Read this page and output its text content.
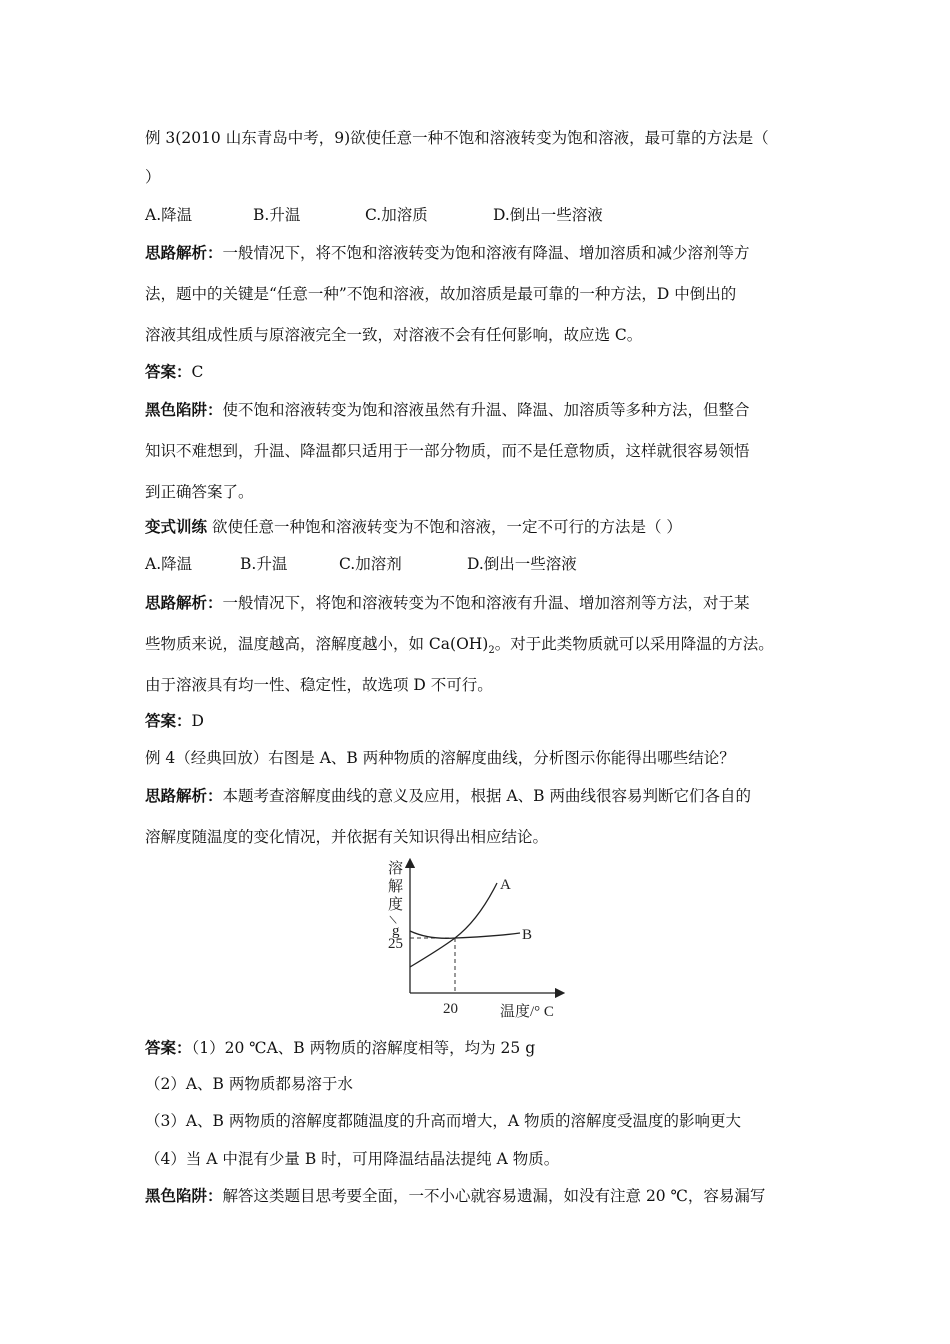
例 3(2010 山东青岛中考，9)欲使任意一种不饱和溶液转变为饱和溶液，最可靠的方法是（
）
A.降温	B.升温	C.加溶质	D.倒出一些溶液
思路解析：一般情况下，将不饱和溶液转变为饱和溶液有降温、增加溶质和减少溶剂等方
法，题中的关键是“任意一种”不饱和溶液，故加溶质是最可靠的一种方法，D 中倒出的
溶液其组成性质与原溶液完全一致，对溶液不会有任何影响，故应选 C。
答案：C
黑色陷阱：使不饱和溶液转变为饱和溶液虽然有升温、降温、加溶质等多种方法，但整合
知识不难想到，升温、降温都只适用于一部分物质，而不是任意物质，这样就很容易领悟
到正确答案了。
变式训练 欲使任意一种饱和溶液转变为不饱和溶液，一定不可行的方法是（ ）
A.降温	B.升温	C.加溶剂	D.倒出一些溶液
思路解析：一般情况下，将饱和溶液转变为不饱和溶液有升温、增加溶剂等方法，对于某
些物质来说，温度越高，溶解度越小，如 $Ca(OH)_2$。对于此类物质就可以采用降温的方法。
由于溶液具有均一性、稳定性，故选项 D 不可行。
答案：D
例 4（经典回放）右图是 A、B 两种物质的溶解度曲线，分析图示你能得出哪些结论？
思路解析：本题考查溶解度曲线的意义及应用，根据 A、B 两曲线很容易判断它们各自的
溶解度随温度的变化情况，并依据有关知识得出相应结论。
溶
解
度
/
g
25
20
A
B
温度/° C
答案：（1）20 ℃A、B 两物质的溶解度相等，均为 25 g
（2）A、B 两物质都易溶于水
（3）A、B 两物质的溶解度都随温度的升高而增大，A 物质的溶解度受温度的影响更大
（4）当 A 中混有少量 B 时，可用降温结晶法提纯 A 物质。
黑色陷阱：解答这类题目思考要全面，一不小心就容易遗漏，如没有注意 20 ℃，容易漏写
